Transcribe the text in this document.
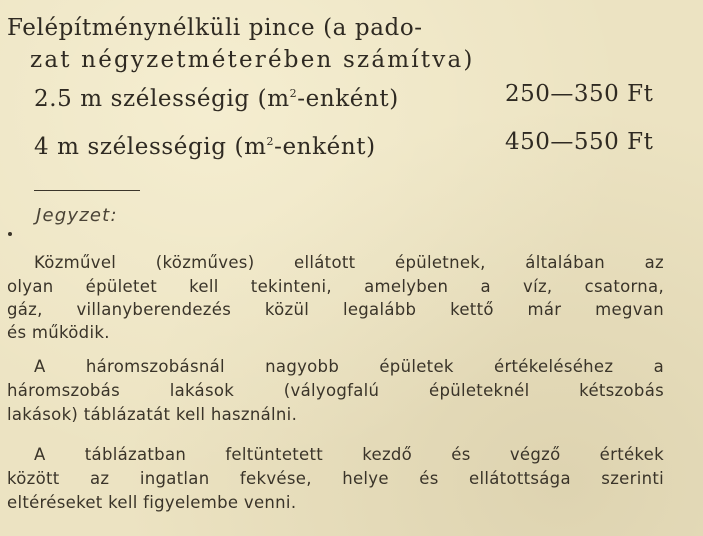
Felépítménynélküli pince (a pado-
zat négyzetméterében számítva)
2.5 m szélességig $(m^2-enként)$	250—350 Ft
4 m szélességig $(m^2-enként)$	450—550 Ft
Jegyzet:
Közművel (közműves) ellátott épületnek, általában az
olyan épületet kell tekinteni, amelyben a víz, csatorna,
gáz, villanyberendezés közül legalább kettő már megvan
és működik.
A háromszobásnál nagyobb épületek értékeléséhez a
háromszobás lakások (vályogfalú épületeknél kétszobás
lakások) táblázatát kell használni.
A táblázatban feltüntetett kezdő és végző értékek
között az ingatlan fekvése, helye és ellátottsága szerinti
eltéréseket kell figyelembe venni.
